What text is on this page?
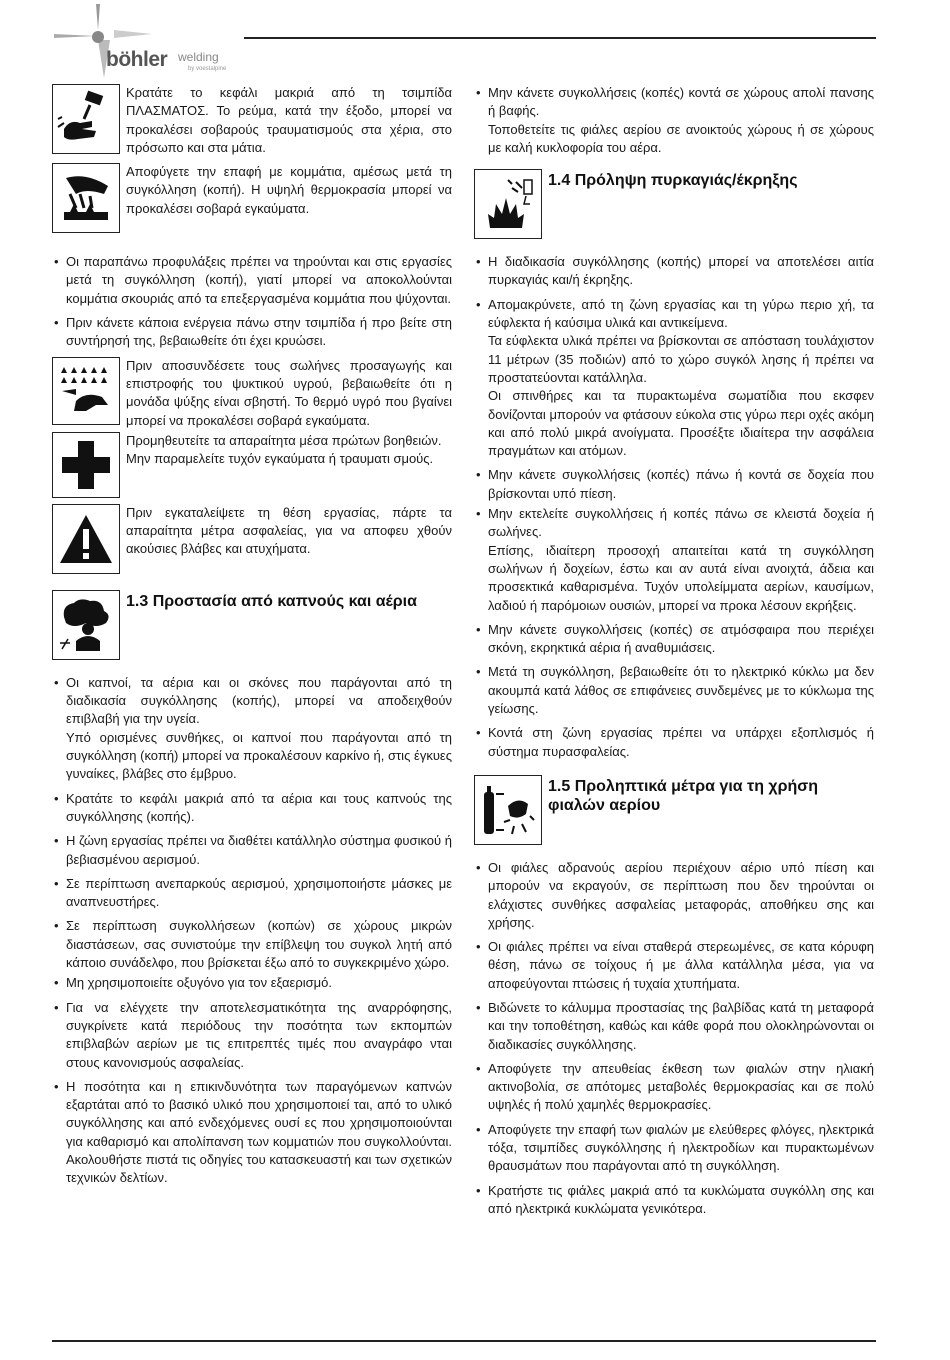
böhler welding
by voestalpine

Κρατάτε το κεφάλι μακριά από τη τσιμπίδα ΠΛΑΣΜΑΤΟΣ. Το ρεύμα, κατά την έξοδο, μπορεί να προκαλέσει σοβαρούς τραυματισμούς στα χέρια, στο πρόσωπο και στα μάτια.

Αποφύγετε την επαφή με κομμάτια, αμέσως μετά τη συγκόλληση (κοπή). Η υψηλή θερμοκρασία μπορεί να προκαλέσει σοβαρά εγκαύματα.

• Οι παραπάνω προφυλάξεις πρέπει να τηρούνται και στις εργασίες μετά τη συγκόλληση (κοπή), γιατί μπορεί να αποκολλούνται κομμάτια σκουριάς από τα επεξεργασμένα κομμάτια που ψύχονται.
• Πριν κάνετε κάποια ενέργεια πάνω στην τσιμπίδα ή προ βείτε στη συντήρησή της, βεβαιωθείτε ότι έχει κρυώσει.

Πριν αποσυνδέσετε τους σωλήνες προσαγωγής και επιστροφής του ψυκτικού υγρού, βεβαιωθείτε ότι η μονάδα ψύξης είναι σβηστή. Το θερμό υγρό που βγαίνει μπορεί να προκαλέσει σοβαρά εγκαύματα.

Προμηθευτείτε τα απαραίτητα μέσα πρώτων βοηθειών.

Μην παραμελείτε τυχόν εγκαύματα ή τραυματι σμούς.

Πριν εγκαταλείψετε τη θέση εργασίας, πάρτε τα απαραίτητα μέτρα ασφαλείας, για να αποφευ χθούν ακούσιες βλάβες και ατυχήματα.

1.3 Προστασία από καπνούς και αέρια

• Οι καπνοί, τα αέρια και οι σκόνες που παράγονται από τη διαδικασία συγκόλλησης (κοπής), μπορεί να αποδειχθούν επιβλαβή για την υγεία.

Υπό ορισμένες συνθήκες, οι καπνοί που παράγονται από τη συγκόλληση (κοπή) μπορεί να προκαλέσουν καρκίνο ή, στις έγκυες γυναίκες, βλάβες στο έμβρυο.

• Κρατάτε το κεφάλι μακριά από τα αέρια και τους καπνούς της συγκόλλησης (κοπής).

• Η ζώνη εργασίας πρέπει να διαθέτει κατάλληλο σύστημα φυσικού ή βεβιασμένου αερισμού.

• Σε περίπτωση ανεπαρκούς αερισμού, χρησιμοποιήστε μάσκες με αναπνευστήρες.

• Σε περίπτωση συγκολλήσεων (κοπών) σε χώρους μικρών διαστάσεων, σας συνιστούμε την επίβλεψη του συγκολ λητή από κάποιο συνάδελφο, που βρίσκεται έξω από το συγκεκριμένο χώρο.

• Μη χρησιμοποιείτε οξυγόνο για τον εξαερισμό.

• Για να ελέγχετε την αποτελεσματικότητα της αναρρόφησης, συγκρίνετε κατά περιόδους την ποσότητα των εκπομπών επιβλαβών αερίων με τις επιτρεπτές τιμές που αναγράφο νται στους κανονισμούς ασφαλείας.

• Η ποσότητα και η επικινδυνότητα των παραγόμενων καπνών εξαρτάται από το βασικό υλικό που χρησιμοποιεί ται, από το υλικό συγκόλλησης και από ενδεχόμενες ουσί ες που χρησιμοποιούνται για καθαρισμό και απολίπανση των κομματιών που συγκολλούνται. Ακολουθήστε πιστά τις οδηγίες του κατασκευαστή και των σχετικών τεχνικών δελτίων.

• Μην κάνετε συγκολλήσεις (κοπές) κοντά σε χώρους απολί πανσης ή βαφής.

Τοποθετείτε τις φιάλες αερίου σε ανοικτούς χώρους ή σε χώρους με καλή κυκλοφορία του αέρα.

1.4 Πρόληψη πυρκαγιάς/έκρηξης

• Η διαδικασία συγκόλλησης (κοπής) μπορεί να αποτελέσει αιτία πυρκαγιάς και/ή έκρηξης.

• Απομακρύνετε, από τη ζώνη εργασίας και τη γύρω περιο χή, τα εύφλεκτα ή καύσιμα υλικά και αντικείμενα.

Τα εύφλεκτα υλικά πρέπει να βρίσκονται σε απόσταση τουλάχιστον 11 μέτρων (35 ποδιών) από το χώρο συγκόλ λησης ή πρέπει να προστατεύονται κατάλληλα.

Οι σπινθήρες και τα πυρακτωμένα σωματίδια που εκσφεν δονίζονται μπορούν να φτάσουν εύκολα στις γύρω περι οχές ακόμη και από πολύ μικρά ανοίγματα. Προσέξτε ιδιαίτερα την ασφάλεια πραγμάτων και ατόμων.

• Μην κάνετε συγκολλήσεις (κοπές) πάνω ή κοντά σε δοχεία που βρίσκονται υπό πίεση.

• Μην εκτελείτε συγκολλήσεις ή κοπές πάνω σε κλειστά δοχεία ή σωλήνες.

Επίσης, ιδιαίτερη προσοχή απαιτείται κατά τη συγκόλληση σωλήνων ή δοχείων, έστω και αν αυτά είναι ανοιχτά, άδεια και προσεκτικά καθαρισμένα. Τυχόν υπολείμματα αερίων, καυσίμων, λαδιού ή παρόμοιων ουσιών, μπορεί να προκα λέσουν εκρήξεις.

• Μην κάνετε συγκολλήσεις (κοπές) σε ατμόσφαιρα που περιέχει σκόνη, εκρηκτικά αέρια ή αναθυμιάσεις.

• Μετά τη συγκόλληση, βεβαιωθείτε ότι το ηλεκτρικό κύκλω μα δεν ακουμπά κατά λάθος σε επιφάνειες συνδεμένες με το κύκλωμα της γείωσης.

• Κοντά στη ζώνη εργασίας πρέπει να υπάρχει εξοπλισμός ή σύστημα πυρασφαλείας.

1.5 Προληπτικά μέτρα για τη χρήση φιαλών αερίου
• Οι φιάλες αδρανούς αερίου περιέχουν αέριο υπό πίεση και μπορούν να εκραγούν, σε περίπτωση που δεν τηρούνται οι ελάχιστες συνθήκες ασφαλείας μεταφοράς, αποθήκευ σης και χρήσης.
• Οι φιάλες πρέπει να είναι σταθερά στερεωμένες, σε κατα κόρυφη θέση, πάνω σε τοίχους ή με άλλα κατάλληλα μέσα, για να αποφεύγονται πτώσεις ή τυχαία χτυπήματα.
• Βιδώνετε το κάλυμμα προστασίας της βαλβίδας κατά τη μεταφορά και την τοποθέτηση, καθώς και κάθε φορά που ολοκληρώνονται οι διαδικασίες συγκόλλησης.
• Αποφύγετε την απευθείας έκθεση των φιαλών στην ηλιακή ακτινοβολία, σε απότομες μεταβολές θερμοκρασίας και σε πολύ υψηλές ή πολύ χαμηλές θερμοκρασίες.
• Αποφύγετε την επαφή των φιαλών με ελεύθερες φλόγες, ηλεκτρικά τόξα, τσιμπίδες συγκόλλησης ή ηλεκτροδίων και πυρακτωμένων θραυσμάτων που παράγονται από τη συγκόλληση.
• Κρατήστε τις φιάλες μακριά από τα κυκλώματα συγκόλλη σης και από ηλεκτρικά κυκλώματα γενικότερα.
